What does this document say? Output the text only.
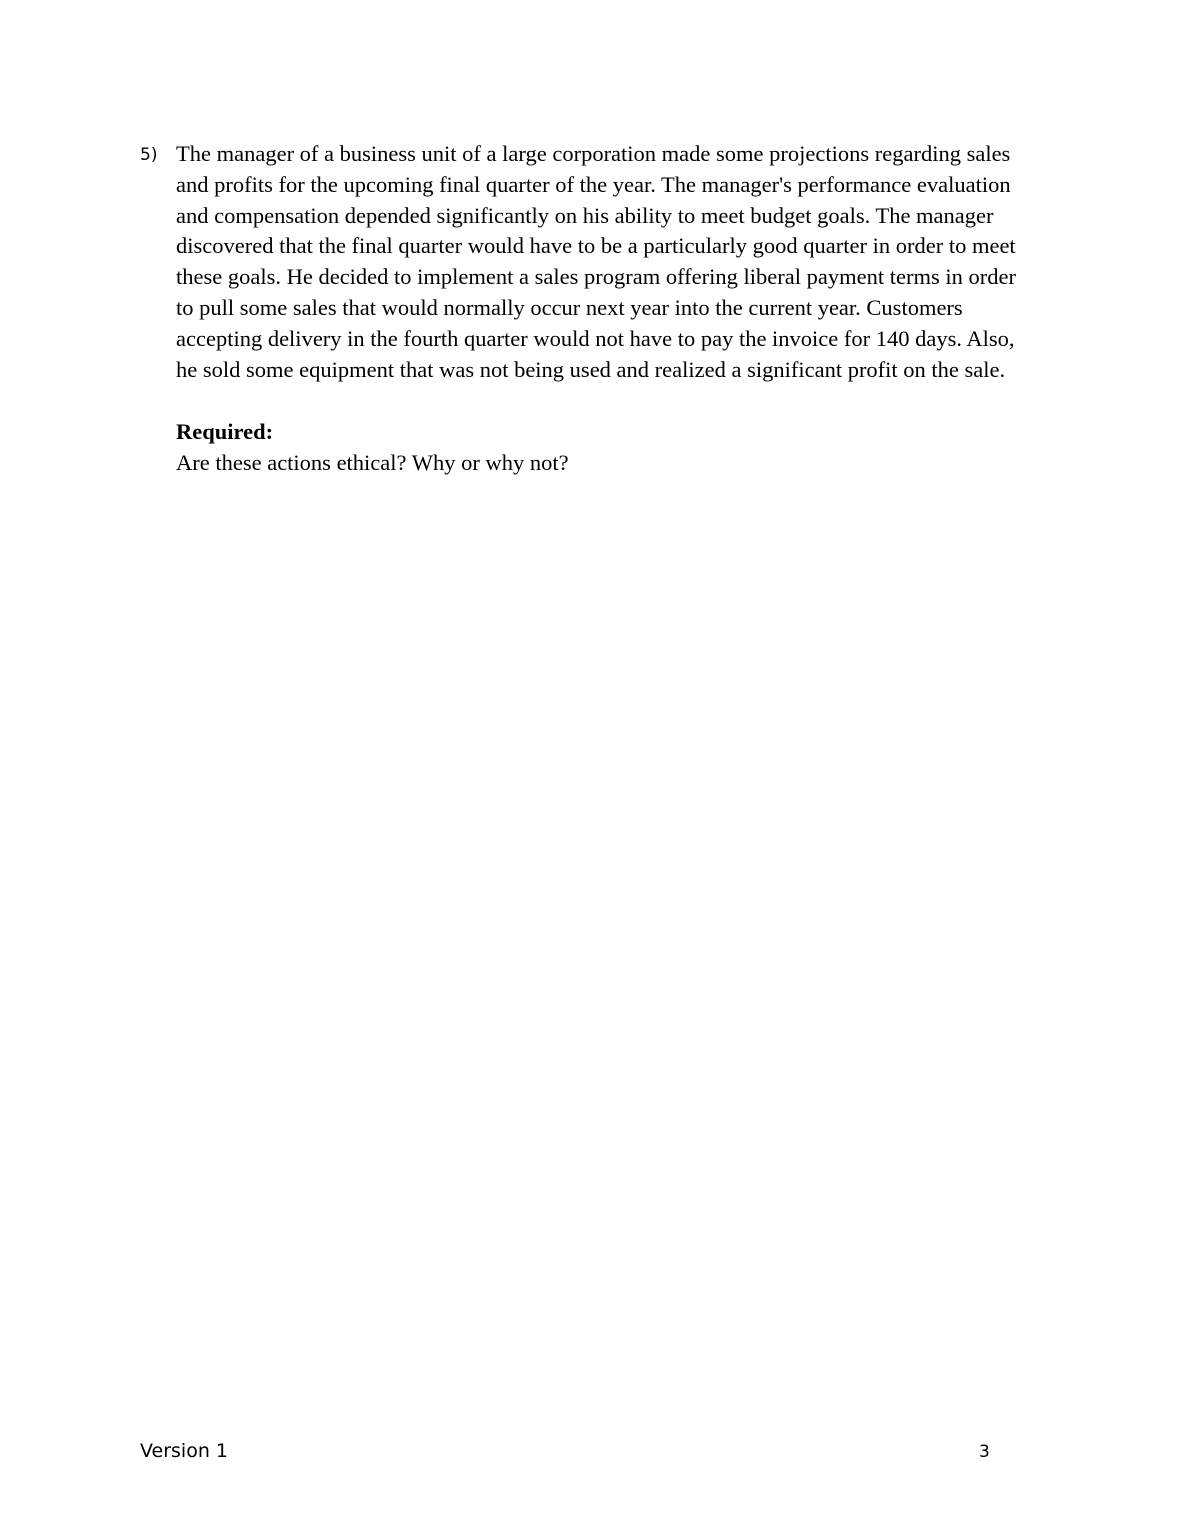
5) The manager of a business unit of a large corporation made some projections regarding sales
and profits for the upcoming final quarter of the year. The manager's performance evaluation
and compensation depended significantly on his ability to meet budget goals. The manager
discovered that the final quarter would have to be a particularly good quarter in order to meet
these goals. He decided to implement a sales program offering liberal payment terms in order
to pull some sales that would normally occur next year into the current year. Customers
accepting delivery in the fourth quarter would not have to pay the invoice for 140 days. Also,
he sold some equipment that was not being used and realized a significant profit on the sale.
Required:
Are these actions ethical? Why or why not?
Version 1	3
